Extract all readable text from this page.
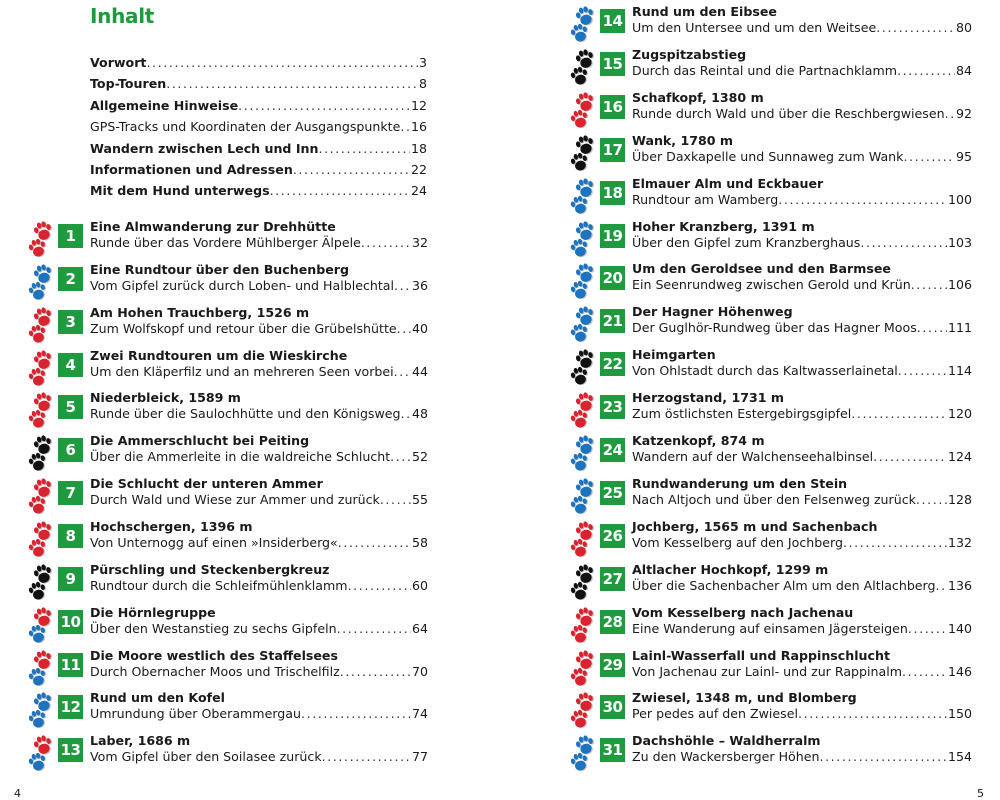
Inhalt
Vorwort .....	3
Top-Touren .....	8
Allgemeine Hinweise .....	12
GPS-Tracks und Koordinaten der Ausgangspunkte ..... 16
Wandern zwischen Lech und Inn .....	18
Informationen und Adressen .....	22
Mit dem Hund unterwegs .....	24
1
Eine Almwanderung zur Drehhütte
Runde über das Vordere Mühlberger Älpele .....	32
2
Eine Rundtour über den Buchenberg
Vom Gipfel zurück durch Loben- und Halblechtal ..... 36
3
Am Hohen Trauchberg, 1526 m
Zum Wolfskopf und retour über die Grübelshütte ..... 40
4
Zwei Rundtouren um die Wieskirche
Um den Kläperfilz und an mehreren Seen vorbei ..... 44
5
Niederbleick, 1589 m
Runde über die Saulochhütte und den Königsweg ..... 48
6
Die Ammerschlucht bei Peiting
Über die Ammerleite in die waldreiche Schlucht ..... 52
7
Die Schlucht der unteren Ammer
Durch Wald und Wiese zur Ammer und zurück .....	55
8
Hochschergen, 1396 m
Von Unternogg auf einen »Insiderberg« .....	58
9
Pürschling und Steckenbergkreuz
Rundtour durch die Schleifmühlenklamm .....	60
10
Die Hörnlegruppe
Über den Westanstieg zu sechs Gipfeln .....	64
11
Die Moore westlich des Staffelsees
Durch Obernacher Moos und Trischelfilz .....	70
12
Rund um den Kofel
Umrundung über Oberammergau .....	74
13
Laber, 1686 m
Vom Gipfel über den Soilasee zurück .....	77
4
14
Rund um den Eibsee
Um den Untersee und um den Weitsee .....	80
15
Zugspitzabstieg
Durch das Reintal und die Partnachklamm .....	84
16
Schafkopf, 1380 m
Runde durch Wald und über die Reschbergwiesen ..... 92
17
Wank, 1780 m
Über Daxkapelle und Sunnaweg zum Wank .....	95
18
Elmauer Alm und Eckbauer
Rundtour am Wamberg .....	100
19
Hoher Kranzberg, 1391 m
Über den Gipfel zum Kranzberghaus .....	103
20
Um den Geroldsee und den Barmsee
Ein Seenrundweg zwischen Gerold und Krün .....	106
21
Der Hagner Höhenweg
Der Guglhör-Rundweg über das Hagner Moos ..... 111
22
Heimgarten
Von Ohlstadt durch das Kaltwasserlainetal .....	114
23
Herzogstand, 1731 m
Zum östlichsten Estergebirgsgipfel .....	120
24
Katzenkopf, 874 m
Wandern auf der Walchenseehalbinsel .....	124
25
Rundwanderung um den Stein
Nach Altjoch und über den Felsenweg zurück .....	128
26
Jochberg, 1565 m und Sachenbach
Vom Kesselberg auf den Jochberg .....	132
27
Altlacher Hochkopf, 1299 m
Über die Sachenbacher Alm um den Altlachberg ..... 136
28
Vom Kesselberg nach Jachenau
Eine Wanderung auf einsamen Jägersteigen .....	140
29
Lainl-Wasserfall und Rappinschlucht
Von Jachenau zur Lainl- und zur Rappinalm .....	146
30
Zwiesel, 1348 m, und Blomberg
Per pedes auf den Zwiesel .....	150
31
Dachshöhle – Waldherralm
Zu den Wackersberger Höhen .....	154
5
